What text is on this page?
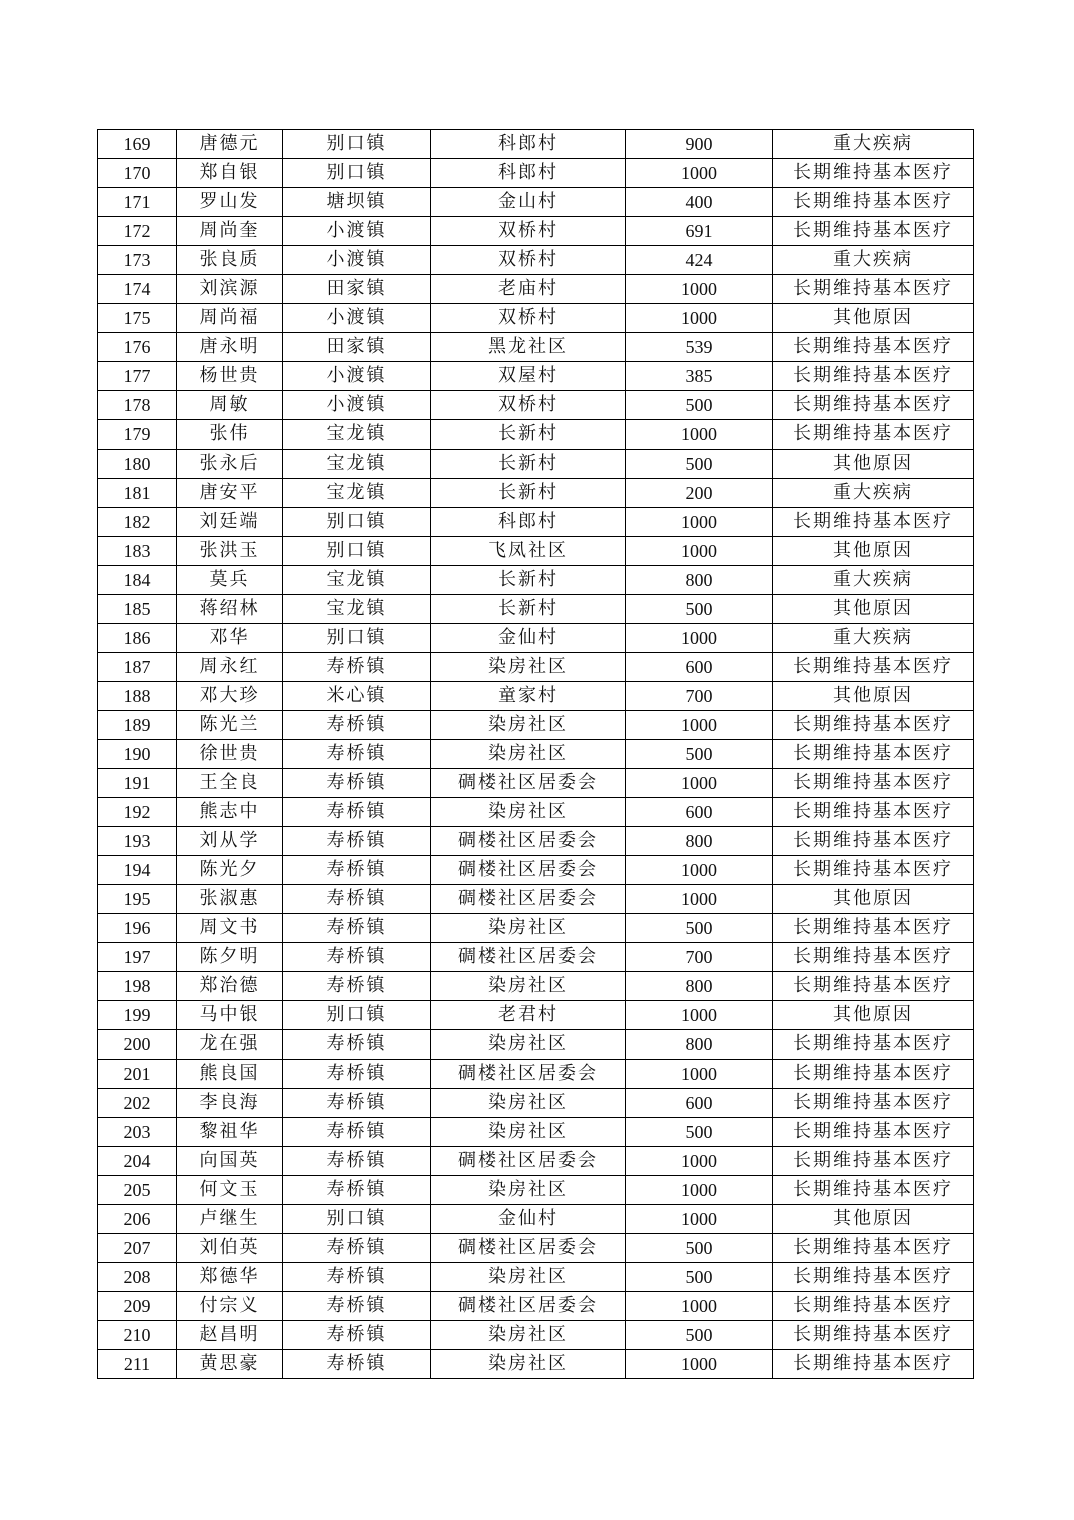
169	唐德元	别口镇	科郎村	900	重大疾病
170	郑自银	别口镇	科郎村	1000	长期维持基本医疗
171	罗山发	塘坝镇	金山村	400	长期维持基本医疗
172	周尚奎	小渡镇	双桥村	691	长期维持基本医疗
173	张良质	小渡镇	双桥村	424	重大疾病
174	刘滨源	田家镇	老庙村	1000	长期维持基本医疗
175	周尚福	小渡镇	双桥村	1000	其他原因
176	唐永明	田家镇	黑龙社区	539	长期维持基本医疗
177	杨世贵	小渡镇	双屋村	385	长期维持基本医疗
178	周敏	小渡镇	双桥村	500	长期维持基本医疗
179	张伟	宝龙镇	长新村	1000	长期维持基本医疗
180	张永后	宝龙镇	长新村	500	其他原因
181	唐安平	宝龙镇	长新村	200	重大疾病
182	刘廷端	别口镇	科郎村	1000	长期维持基本医疗
183	张洪玉	别口镇	飞凤社区	1000	其他原因
184	莫兵	宝龙镇	长新村	800	重大疾病
185	蒋绍林	宝龙镇	长新村	500	其他原因
186	邓华	别口镇	金仙村	1000	重大疾病
187	周永红	寿桥镇	染房社区	600	长期维持基本医疗
188	邓大珍	米心镇	童家村	700	其他原因
189	陈光兰	寿桥镇	染房社区	1000	长期维持基本医疗
190	徐世贵	寿桥镇	染房社区	500	长期维持基本医疗
191	王全良	寿桥镇	碉楼社区居委会	1000	长期维持基本医疗
192	熊志中	寿桥镇	染房社区	600	长期维持基本医疗
193	刘从学	寿桥镇	碉楼社区居委会	800	长期维持基本医疗
194	陈光夕	寿桥镇	碉楼社区居委会	1000	长期维持基本医疗
195	张淑惠	寿桥镇	碉楼社区居委会	1000	其他原因
196	周文书	寿桥镇	染房社区	500	长期维持基本医疗
197	陈夕明	寿桥镇	碉楼社区居委会	700	长期维持基本医疗
198	郑治德	寿桥镇	染房社区	800	长期维持基本医疗
199	马中银	别口镇	老君村	1000	其他原因
200	龙在强	寿桥镇	染房社区	800	长期维持基本医疗
201	熊良国	寿桥镇	碉楼社区居委会	1000	长期维持基本医疗
202	李良海	寿桥镇	染房社区	600	长期维持基本医疗
203	黎祖华	寿桥镇	染房社区	500	长期维持基本医疗
204	向国英	寿桥镇	碉楼社区居委会	1000	长期维持基本医疗
205	何文玉	寿桥镇	染房社区	1000	长期维持基本医疗
206	卢继生	别口镇	金仙村	1000	其他原因
207	刘伯英	寿桥镇	碉楼社区居委会	500	长期维持基本医疗
208	郑德华	寿桥镇	染房社区	500	长期维持基本医疗
209	付宗义	寿桥镇	碉楼社区居委会	1000	长期维持基本医疗
210	赵昌明	寿桥镇	染房社区	500	长期维持基本医疗
211	黄思豪	寿桥镇	染房社区	1000	长期维持基本医疗
